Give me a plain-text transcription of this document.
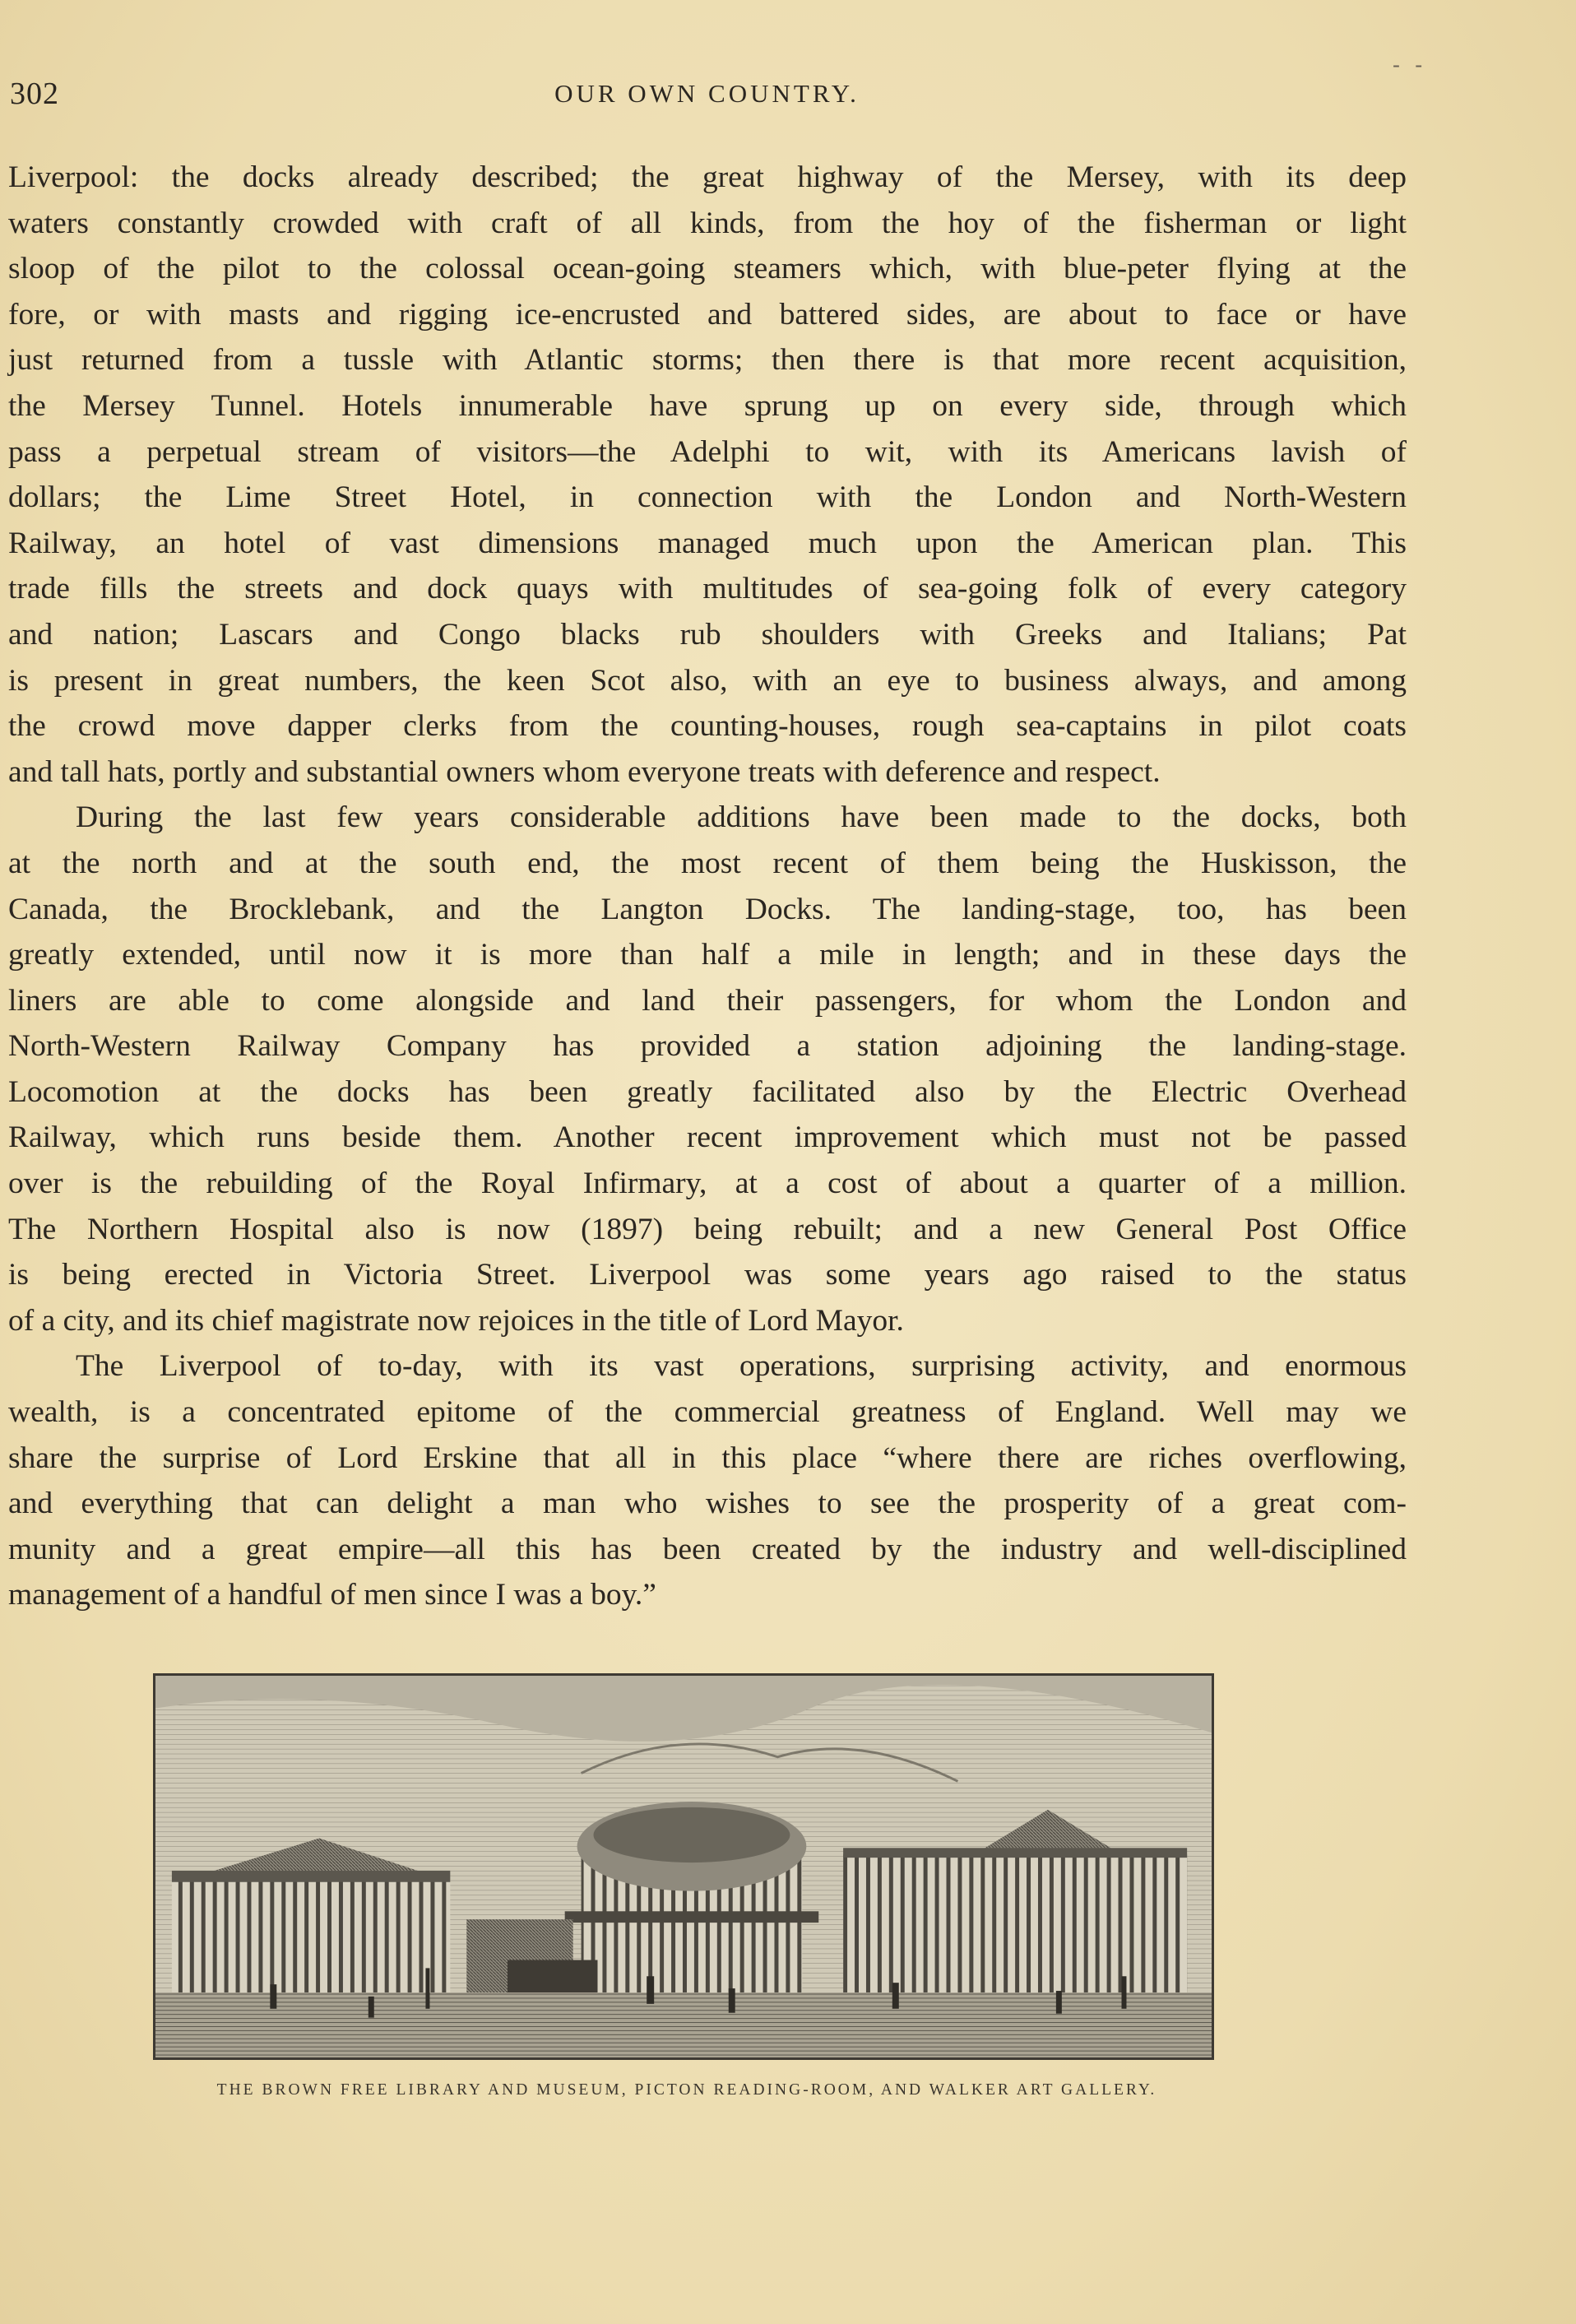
302	OUR OWN COUNTRY.
- -

Liverpool: the docks already described; the great highway of the Mersey, with its deep
waters constantly crowded with craft of all kinds, from the hoy of the fisherman or light
sloop of the pilot to the colossal ocean-going steamers which, with blue-peter flying at the
fore, or with masts and rigging ice-encrusted and battered sides, are about to face or have
just returned from a tussle with Atlantic storms; then there is that more recent acquisition,
the Mersey Tunnel. Hotels innumerable have sprung up on every side, through which
pass a perpetual stream of visitors—the Adelphi to wit, with its Americans lavish of
dollars; the Lime Street Hotel, in connection with the London and North-Western
Railway, an hotel of vast dimensions managed much upon the American plan. This
trade fills the streets and dock quays with multitudes of sea-going folk of every category
and nation; Lascars and Congo blacks rub shoulders with Greeks and Italians; Pat
is present in great numbers, the keen Scot also, with an eye to business always, and among
the crowd move dapper clerks from the counting-houses, rough sea-captains in pilot coats
and tall hats, portly and substantial owners whom everyone treats with deference and respect.

During the last few years considerable additions have been made to the docks, both
at the north and at the south end, the most recent of them being the Huskisson, the
Canada, the Brocklebank, and the Langton Docks. The landing-stage, too, has been
greatly extended, until now it is more than half a mile in length; and in these days the
liners are able to come alongside and land their passengers, for whom the London and
North-Western Railway Company has provided a station adjoining the landing-stage.
Locomotion at the docks has been greatly facilitated also by the Electric Overhead
Railway, which runs beside them. Another recent improvement which must not be passed
over is the rebuilding of the Royal Infirmary, at a cost of about a quarter of a million.
The Northern Hospital also is now (1897) being rebuilt; and a new General Post Office
is being erected in Victoria Street. Liverpool was some years ago raised to the status
of a city, and its chief magistrate now rejoices in the title of Lord Mayor.

The Liverpool of to-day, with its vast operations, surprising activity, and enormous
wealth, is a concentrated epitome of the commercial greatness of England. Well may we
share the surprise of Lord Erskine that all in this place “where there are riches overflowing,
and everything that can delight a man who wishes to see the prosperity of a great com-
munity and a great empire—all this has been created by the industry and well-disciplined
management of a handful of men since I was a boy.”

THE BROWN FREE LIBRARY AND MUSEUM, PICTON READING-ROOM, AND WALKER ART GALLERY.
